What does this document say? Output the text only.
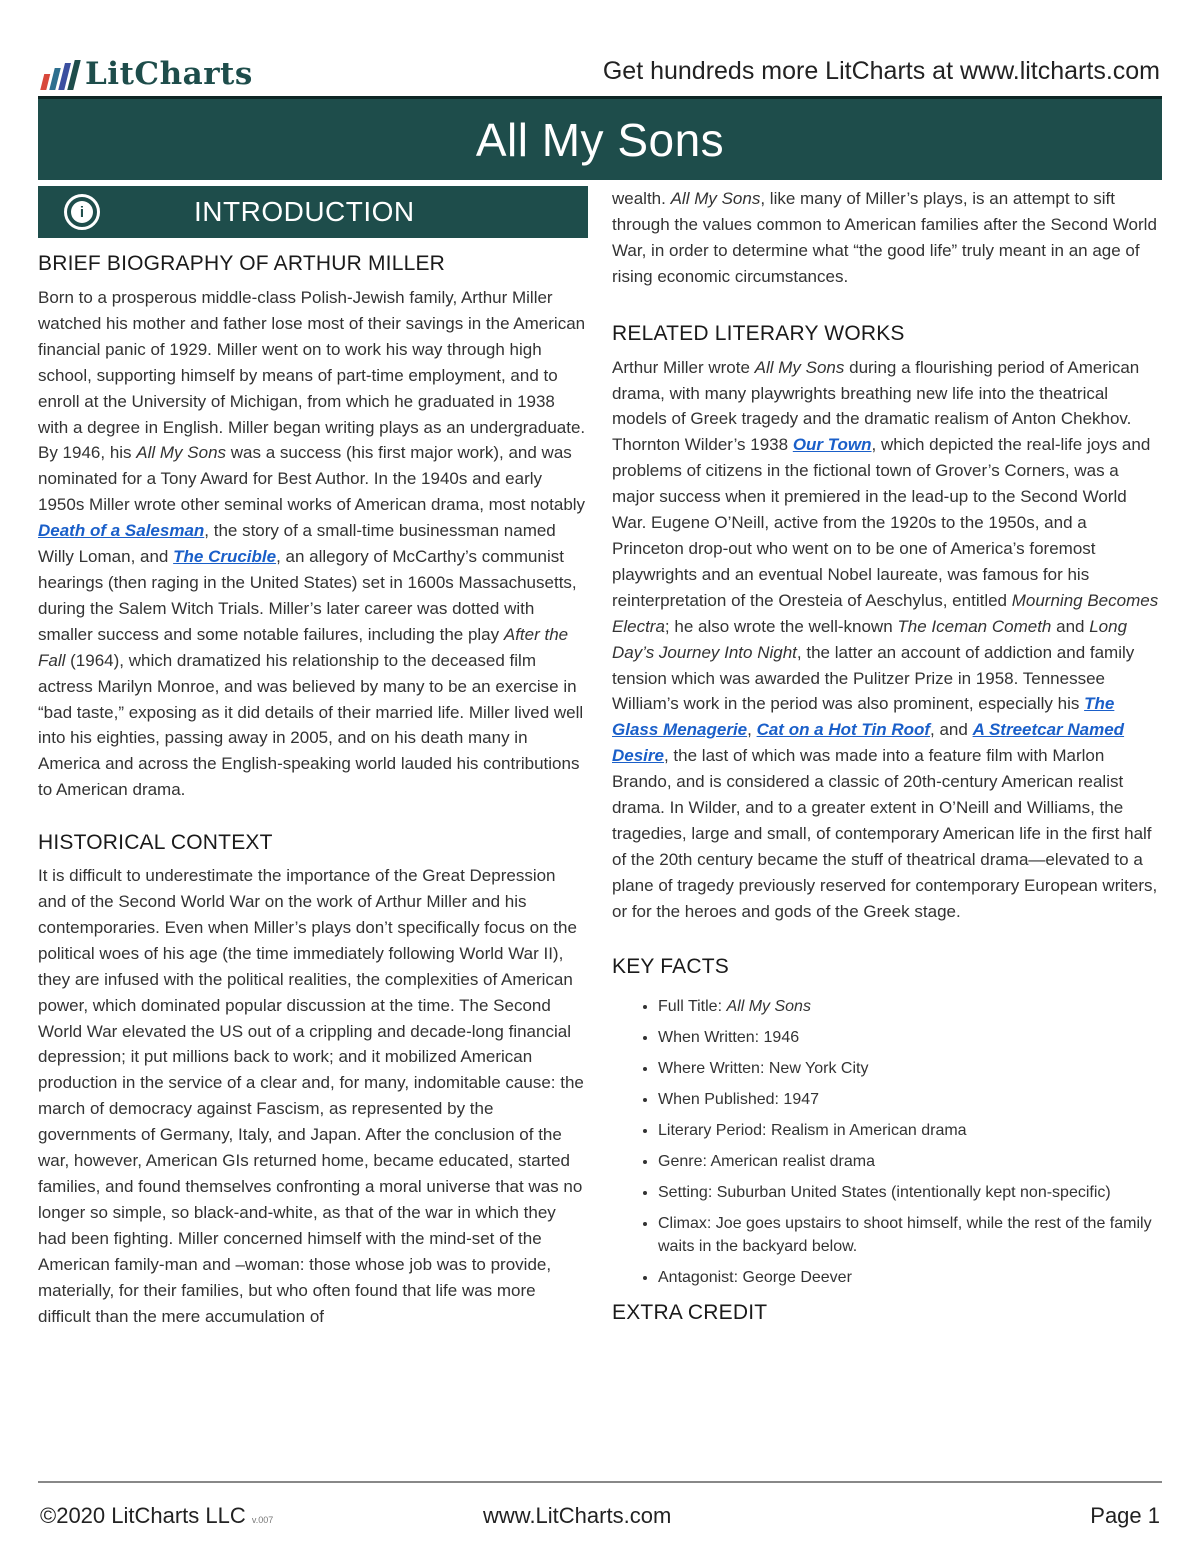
LitCharts	Get hundreds more LitCharts at www.litcharts.com
All My Sons
i	INTRODUCTION
BRIEF BIOGRAPHY OF ARTHUR MILLER

Born to a prosperous middle-class Polish-Jewish family, Arthur Miller watched his mother and father lose most of their savings in the American financial panic of 1929. Miller went on to work his way through high school, supporting himself by means of part-time employment, and to enroll at the University of Michigan, from which he graduated in 1938 with a degree in English. Miller began writing plays as an undergraduate. By 1946, his All My Sons was a success (his first major work), and was nominated for a Tony Award for Best Author. In the 1940s and early 1950s Miller wrote other seminal works of American drama, most notably Death of a Salesman, the story of a small-time businessman named Willy Loman, and The Crucible, an allegory of McCarthy’s communist hearings (then raging in the United States) set in 1600s Massachusetts, during the Salem Witch Trials. Miller’s later career was dotted with smaller success and some notable failures, including the play After the Fall (1964), which dramatized his relationship to the deceased film actress Marilyn Monroe, and was believed by many to be an exercise in “bad taste,” exposing as it did details of their married life. Miller lived well into his eighties, passing away in 2005, and on his death many in America and across the English-speaking world lauded his contributions to American drama.

HISTORICAL CONTEXT

It is difficult to underestimate the importance of the Great Depression and of the Second World War on the work of Arthur Miller and his contemporaries. Even when Miller’s plays don’t specifically focus on the political woes of his age (the time immediately following World War II), they are infused with the political realities, the complexities of American power, which dominated popular discussion at the time. The Second World War elevated the US out of a crippling and decade-long financial depression; it put millions back to work; and it mobilized American production in the service of a clear and, for many, indomitable cause: the march of democracy against Fascism, as represented by the governments of Germany, Italy, and Japan. After the conclusion of the war, however, American GIs returned home, became educated, started families, and found themselves confronting a moral universe that was no longer so simple, so black-and-white, as that of the war in which they had been fighting. Miller concerned himself with the mind-set of the American family-man and –woman: those whose job was to provide, materially, for their families, but who often found that life was more difficult than the mere accumulation of

wealth. All My Sons, like many of Miller’s plays, is an attempt to sift through the values common to American families after the Second World War, in order to determine what “the good life” truly meant in an age of rising economic circumstances.

RELATED LITERARY WORKS

Arthur Miller wrote All My Sons during a flourishing period of American drama, with many playwrights breathing new life into the theatrical models of Greek tragedy and the dramatic realism of Anton Chekhov. Thornton Wilder’s 1938 Our Town, which depicted the real-life joys and problems of citizens in the fictional town of Grover’s Corners, was a major success when it premiered in the lead-up to the Second World War. Eugene O’Neill, active from the 1920s to the 1950s, and a Princeton drop-out who went on to be one of America’s foremost playwrights and an eventual Nobel laureate, was famous for his reinterpretation of the Oresteia of Aeschylus, entitled Mourning Becomes Electra; he also wrote the well-known The Iceman Cometh and Long Day’s Journey Into Night, the latter an account of addiction and family tension which was awarded the Pulitzer Prize in 1958. Tennessee William’s work in the period was also prominent, especially his The Glass Menagerie, Cat on a Hot Tin Roof, and A Streetcar Named Desire, the last of which was made into a feature film with Marlon Brando, and is considered a classic of 20th-century American realist drama. In Wilder, and to a greater extent in O’Neill and Williams, the tragedies, large and small, of contemporary American life in the first half of the 20th century became the stuff of theatrical drama—elevated to a plane of tragedy previously reserved for contemporary European writers, or for the heroes and gods of the Greek stage.

KEY FACTS
• Full Title: All My Sons
• When Written: 1946
• Where Written: New York City
• When Published: 1947
• Literary Period: Realism in American drama
• Genre: American realist drama
• Setting: Suburban United States (intentionally kept non-specific)
• Climax: Joe goes upstairs to shoot himself, while the rest of the family waits in the backyard below.
• Antagonist: George Deever
EXTRA CREDIT
©2020 LitCharts LLC v.007	www.LitCharts.com	Page 1
